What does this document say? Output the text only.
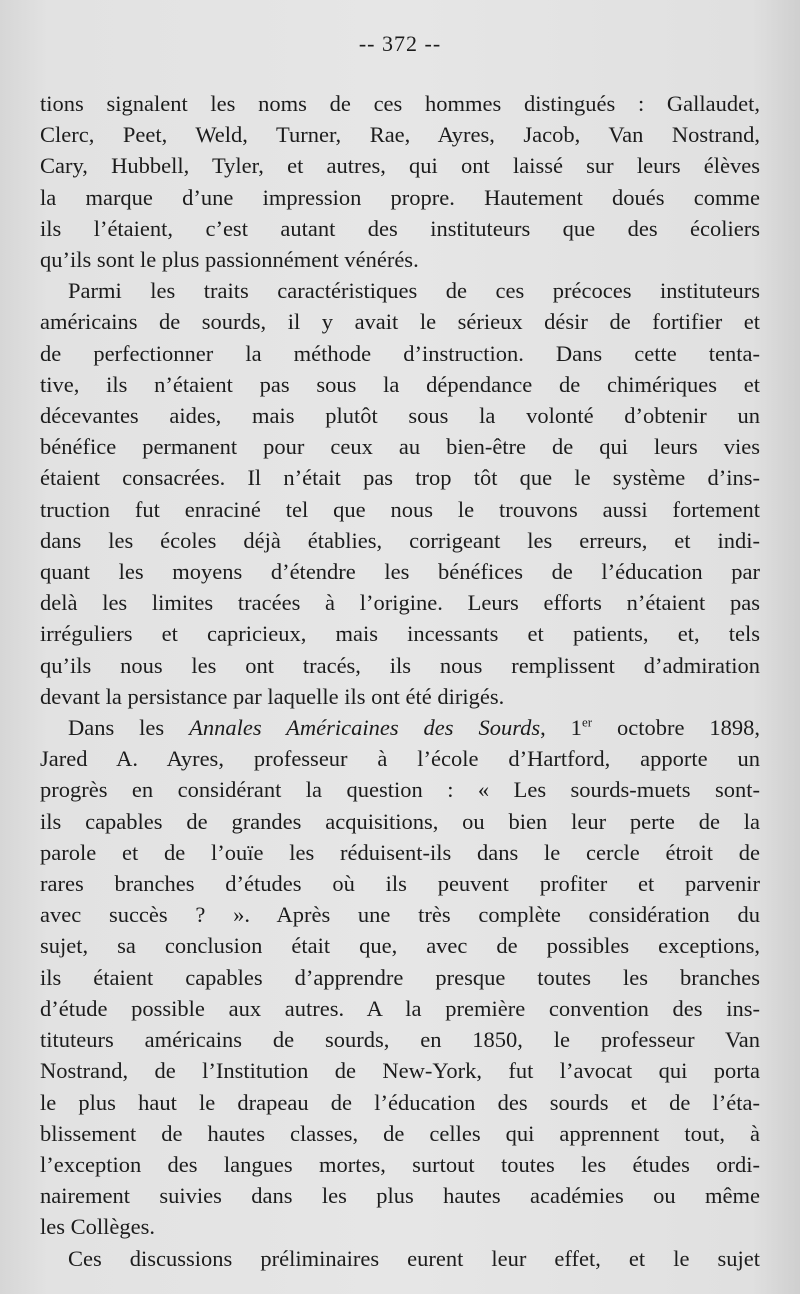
-- 372 --

tions signalent les noms de ces hommes distingués : Gallaudet,
Clerc, Peet, Weld, Turner, Rae, Ayres, Jacob, Van Nostrand,
Cary, Hubbell, Tyler, et autres, qui ont laissé sur leurs élèves
la marque d’une impression propre. Hautement doués comme
ils l’étaient, c’est autant des instituteurs que des écoliers
qu’ils sont le plus passionnément vénérés.

Parmi les traits caractéristiques de ces précoces instituteurs
américains de sourds, il y avait le sérieux désir de fortifier et
de perfectionner la méthode d’instruction. Dans cette tenta-
tive, ils n’étaient pas sous la dépendance de chimériques et
décevantes aides, mais plutôt sous la volonté d’obtenir un
bénéfice permanent pour ceux au bien-être de qui leurs vies
étaient consacrées. Il n’était pas trop tôt que le système d’ins-
truction fut enraciné tel que nous le trouvons aussi fortement
dans les écoles déjà établies, corrigeant les erreurs, et indi-
quant les moyens d’étendre les bénéfices de l’éducation par
delà les limites tracées à l’origine. Leurs efforts n’étaient pas
irréguliers et capricieux, mais incessants et patients, et, tels
qu’ils nous les ont tracés, ils nous remplissent d’admiration
devant la persistance par laquelle ils ont été dirigés.

Dans les Annales Américaines des Sourds, 1er octobre 1898,
Jared A. Ayres, professeur à l’école d’Hartford, apporte un
progrès en considérant la question : « Les sourds-muets sont-
ils capables de grandes acquisitions, ou bien leur perte de la
parole et de l’ouïe les réduisent-ils dans le cercle étroit de
rares branches d’études où ils peuvent profiter et parvenir
avec succès ? ». Après une très complète considération du
sujet, sa conclusion était que, avec de possibles exceptions,
ils étaient capables d’apprendre presque toutes les branches
d’étude possible aux autres. A la première convention des ins-
tituteurs américains de sourds, en 1850, le professeur Van
Nostrand, de l’Institution de New-York, fut l’avocat qui porta
le plus haut le drapeau de l’éducation des sourds et de l’éta-
blissement de hautes classes, de celles qui apprennent tout, à
l’exception des langues mortes, surtout toutes les études ordi-
nairement suivies dans les plus hautes académies ou même
les Collèges.

Ces discussions préliminaires eurent leur effet, et le sujet
